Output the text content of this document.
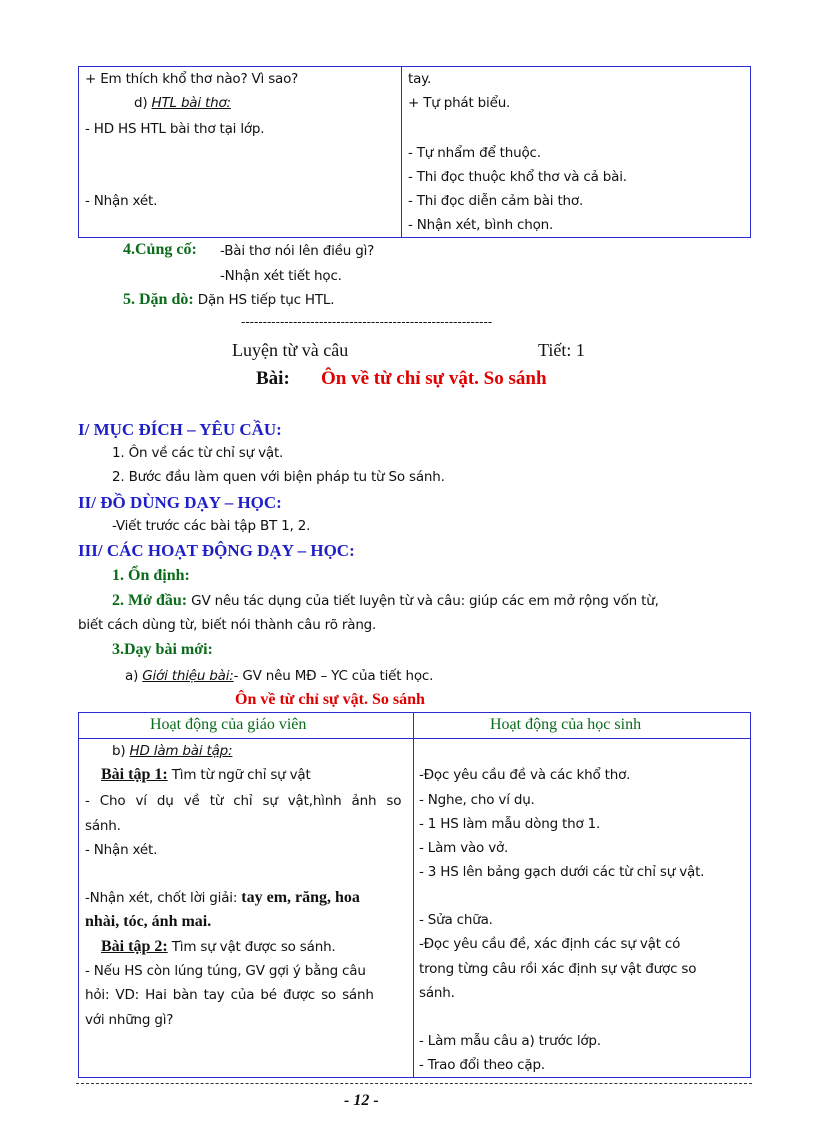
+ Em thích khổ thơ nào? Vì sao?
d) HTL bài thơ:
- HD HS HTL bài thơ tại lớp.
- Nhận xét.
tay.
+ Tự phát biểu.
- Tự nhẩm để thuộc.
- Thi đọc thuộc khổ thơ và cả bài.
- Thi đọc diễn cảm bài thơ.
- Nhận xét, bình chọn.
4.Củng cố: -Bài thơ nói lên điều gì?
-Nhận xét tiết học.
5. Dặn dò: Dặn HS tiếp tục HTL.
----------------------------------------------------------
Luyện từ và câu	Tiết: 1
Bài: Ôn về từ chỉ sự vật. So sánh
I/ MỤC ĐÍCH – YÊU CẦU:
1. Ôn về các từ chỉ sự vật.
2. Bước đầu làm quen với biện pháp tu từ So sánh.
II/ ĐỒ DÙNG DẠY – HỌC:
-Viết trước các bài tập BT 1, 2.
III/ CÁC HOẠT ĐỘNG DẠY – HỌC:
1. Ổn định:
2. Mở đầu: GV nêu tác dụng của tiết luyện từ và câu: giúp các em mở rộng vốn từ,
biết cách dùng từ, biết nói thành câu rõ ràng.
3.Dạy bài mới:
a) Giới thiệu bài:- GV nêu MĐ – YC của tiết học.
Ôn về từ chỉ sự vật. So sánh
Hoạt động của giáo viên	Hoạt động của học sinh
b) HD làm bài tập:
Bài tập 1: Tìm từ ngữ chỉ sự vật
- Cho ví dụ về từ chỉ sự vật,hình ảnh so
sánh.
- Nhận xét.
-Nhận xét, chốt lời giải: tay em, răng, hoa
nhài, tóc, ánh mai.
Bài tập 2: Tìm sự vật được so sánh.
- Nếu HS còn lúng túng, GV gợi ý bằng câu
hỏi: VD: Hai bàn tay của bé được so sánh
với những gì?
-Đọc yêu cầu đề và các khổ thơ.
- Nghe, cho ví dụ.
- 1 HS làm mẫu dòng thơ 1.
- Làm vào vở.
- 3 HS lên bảng gạch dưới các từ chỉ sự vật.
- Sửa chữa.
-Đọc yêu cầu đề, xác định các sự vật có
trong từng câu rồi xác định sự vật được so
sánh.
- Làm mẫu câu a) trước lớp.
- Trao đổi theo cặp.
- 12 -
